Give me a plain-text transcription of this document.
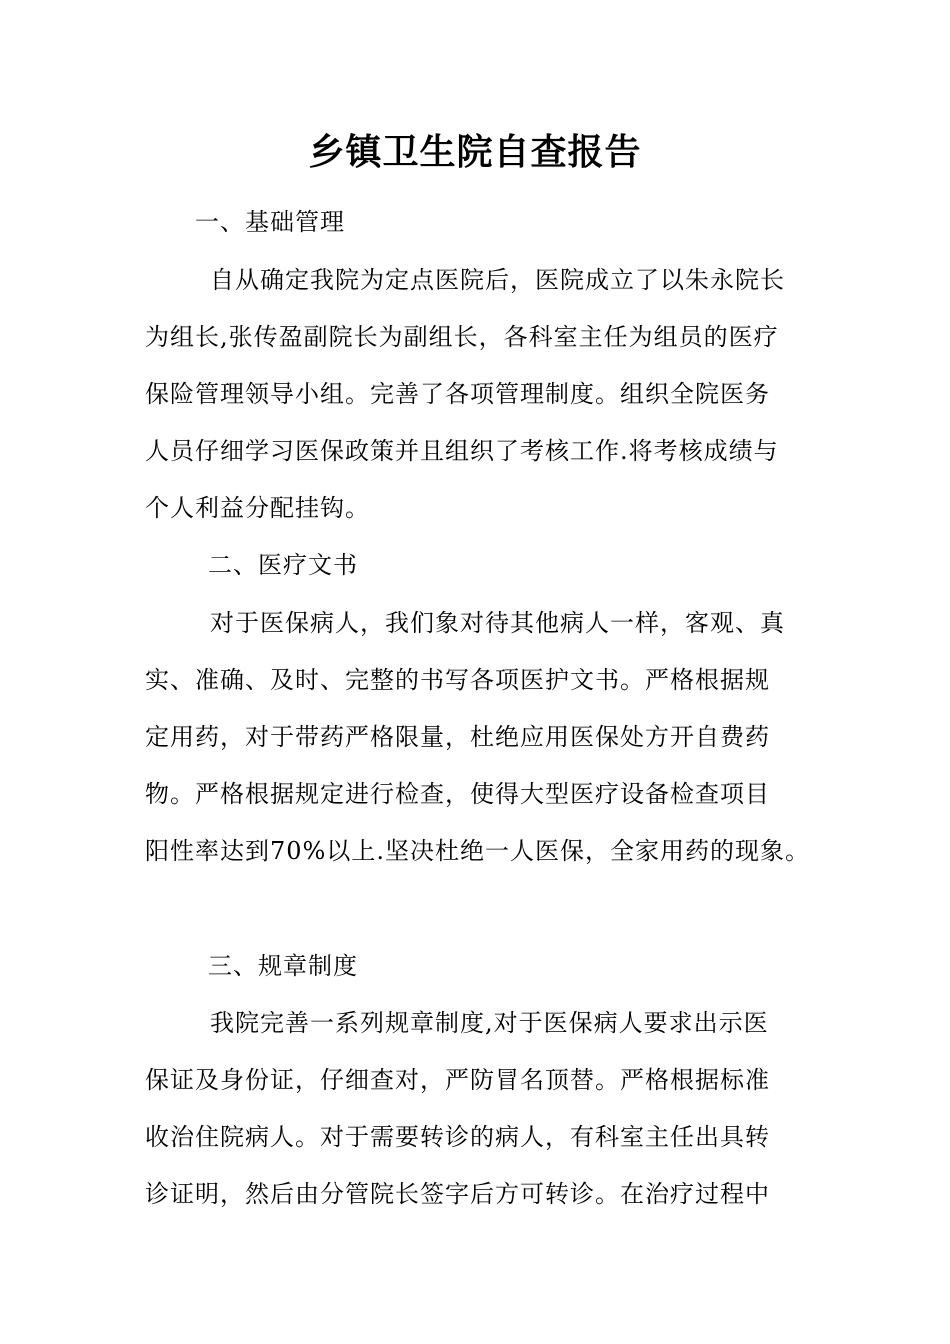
乡镇卫生院自查报告
一、基础管理
自从确定我院为定点医院后，医院成立了以朱永院长
为组长,张传盈副院长为副组长，各科室主任为组员的医疗
保险管理领导小组。完善了各项管理制度。组织全院医务
人员仔细学习医保政策并且组织了考核工作.将考核成绩与
个人利益分配挂钩。
二、医疗文书
对于医保病人，我们象对待其他病人一样，客观、真
实、准确、及时、完整的书写各项医护文书。严格根据规
定用药，对于带药严格限量，杜绝应用医保处方开自费药
物。严格根据规定进行检查，使得大型医疗设备检查项目
阳性率达到70%以上.坚决杜绝一人医保，全家用药的现象。
三、规章制度
我院完善一系列规章制度,对于医保病人要求出示医
保证及身份证，仔细查对，严防冒名顶替。严格根据标准
收治住院病人。对于需要转诊的病人，有科室主任出具转
诊证明，然后由分管院长签字后方可转诊。在治疗过程中
